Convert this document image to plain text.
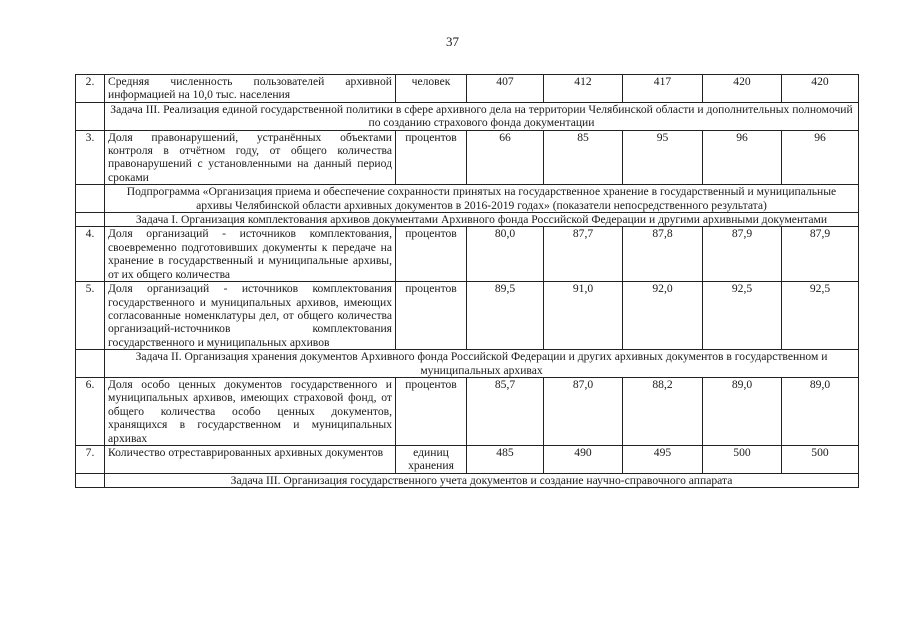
37
2.	Средняя численность пользователей архивной информацией на 10,0 тыс. населения	человек	407	412	417	420	420
	Задача III. Реализация единой государственной политики в сфере архивного дела на территории Челябинской области и дополнительных полномочий по созданию страхового фонда документации						
3.	Доля правонарушений, устранённых объектами контроля в отчётном году, от общего количества правонарушений с установленными на данный период сроками	процентов	66	85	95	96	96
	Подпрограмма «Организация приема и обеспечение сохранности принятых на государственное хранение в государственный и муниципальные архивы Челябинской области архивных документов в 2016-2019 годах» (показатели непосредственного результата)						
	Задача I. Организация комплектования архивов документами Архивного фонда Российской Федерации и другими архивными документами						
4.	Доля организаций - источников комплектования, своевременно подготовивших документы к передаче на хранение в государственный и муниципальные архивы, от их общего количества	процентов	80,0	87,7	87,8	87,9	87,9
5.	Доля организаций - источников комплектования государственного и муниципальных архивов, имеющих согласованные номенклатуры дел, от общего количества организаций-источников комплектования государственного и муниципальных архивов	процентов	89,5	91,0	92,0	92,5	92,5
	Задача II. Организация хранения документов Архивного фонда Российской Федерации и других архивных документов в государственном и муниципальных архивах						
6.	Доля особо ценных документов государственного и муниципальных архивов, имеющих страховой фонд, от общего количества особо ценных документов, хранящихся в государственном и муниципальных архивах	процентов	85,7	87,0	88,2	89,0	89,0
7.	Количество отреставрированных архивных документов	единиц хранения	485	490	495	500	500
	Задача III. Организация государственного учета документов и создание научно-справочного аппарата						
